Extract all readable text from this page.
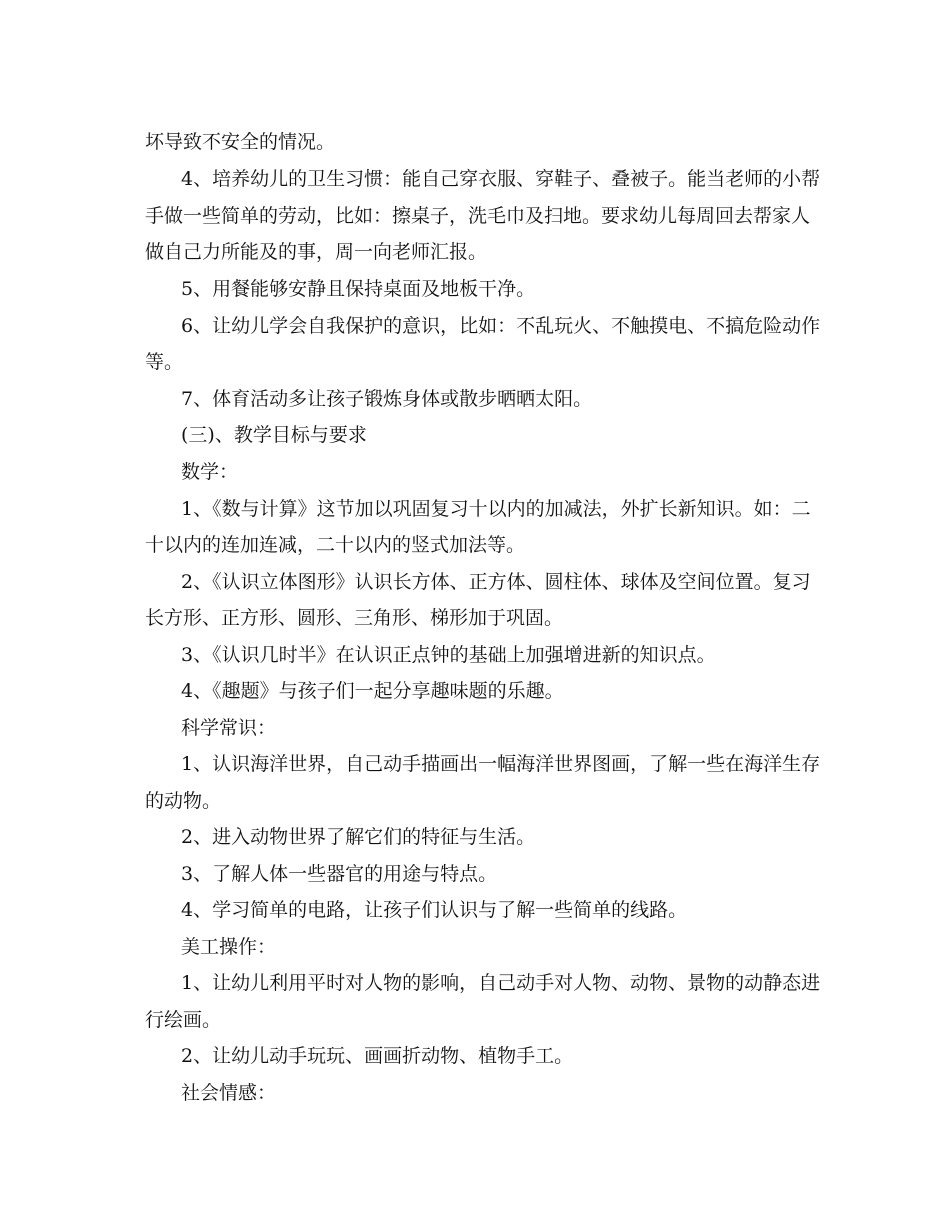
坏导致不安全的情况。
4、培养幼儿的卫生习惯：能自己穿衣服、穿鞋子、叠被子。能当老师的小帮
手做一些简单的劳动，比如：擦桌子，洗毛巾及扫地。要求幼儿每周回去帮家人
做自己力所能及的事，周一向老师汇报。
5、用餐能够安静且保持桌面及地板干净。
6、让幼儿学会自我保护的意识，比如：不乱玩火、不触摸电、不搞危险动作
等。
7、体育活动多让孩子锻炼身体或散步晒晒太阳。
(三)、教学目标与要求
数学：
1、《数与计算》这节加以巩固复习十以内的加减法，外扩长新知识。如：二
十以内的连加连减，二十以内的竖式加法等。
2、《认识立体图形》认识长方体、正方体、圆柱体、球体及空间位置。复习
长方形、正方形、圆形、三角形、梯形加于巩固。
3、《认识几时半》在认识正点钟的基础上加强增进新的知识点。
4、《趣题》与孩子们一起分享趣味题的乐趣。
科学常识：
1、认识海洋世界，自己动手描画出一幅海洋世界图画，了解一些在海洋生存
的动物。
2、进入动物世界了解它们的特征与生活。
3、了解人体一些器官的用途与特点。
4、学习简单的电路，让孩子们认识与了解一些简单的线路。
美工操作：
1、让幼儿利用平时对人物的影响，自己动手对人物、动物、景物的动静态进
行绘画。
2、让幼儿动手玩玩、画画折动物、植物手工。
社会情感：
